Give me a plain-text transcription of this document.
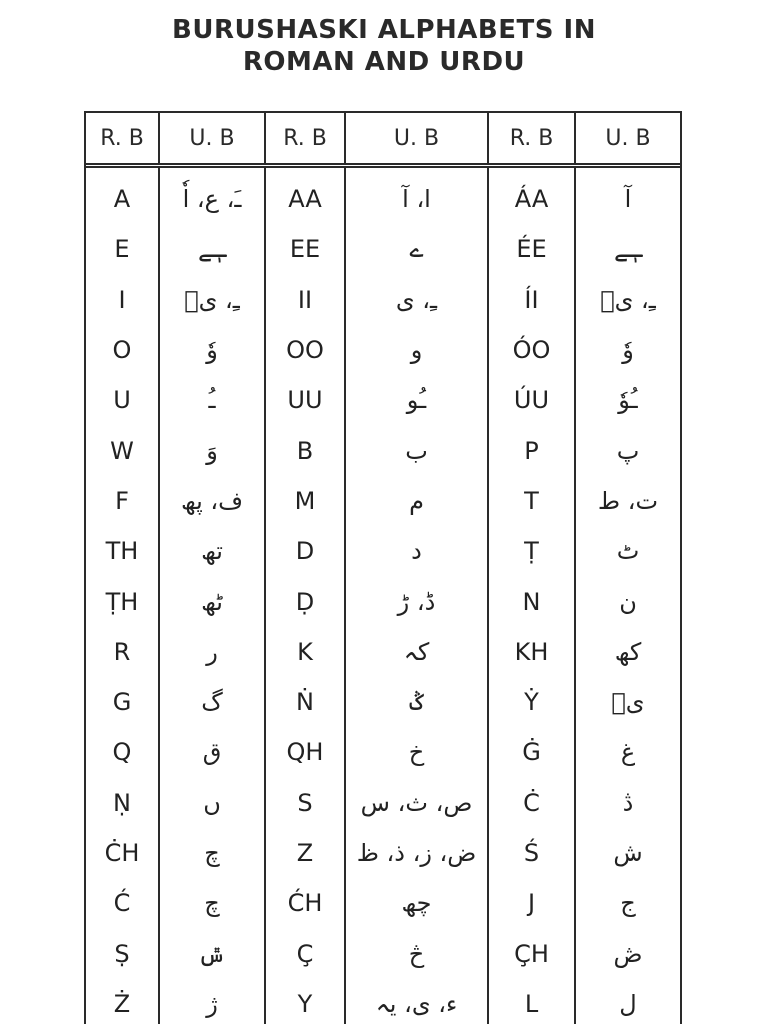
BURUSHASKI ALPHABETS IN
ROMAN AND URDU
R. B	U. B	R. B	U. B	R. B	U. B
A	ـَ، ع، اٗ	AA	ا، آ	ÁA	آ
E	ـٖے	EE	ے	ÉE	ـٖے
I	ـِ، یٖ	II	ـِ، ی	ÍI	ـِ، یٖ
O	وٗ	OO	و	ÓO	وٗ
U	ـُ	UU	ـُو	ÚU	ـُوٗ
W	وَ	B	ب	P	پ
F	ف، پھ	M	م	T	ت، ط
TH	تھ	D	د	Ṭ	ٹ
ṬH	ٹھ	Ḍ	ڈ، ڑ	N	ن
R	ر	K	کہ	KH	کھ
G	گ	Ṅ	ݣ	Ẏ	یٖ
Q	ق	QH	خ	Ġ	غ
Ṇ	ں	S	ص، ث، س	Ċ	ڎ
ĊH	چ	Z	ض، ز، ذ، ظ	Ś	ش
Ć	چ	ĆH	چھ	J	ج
Ṣ	ݜ	Ç	څ	ÇH	ڞ
Ż	ژ	Y	ء، ی، یہ	L	ل
